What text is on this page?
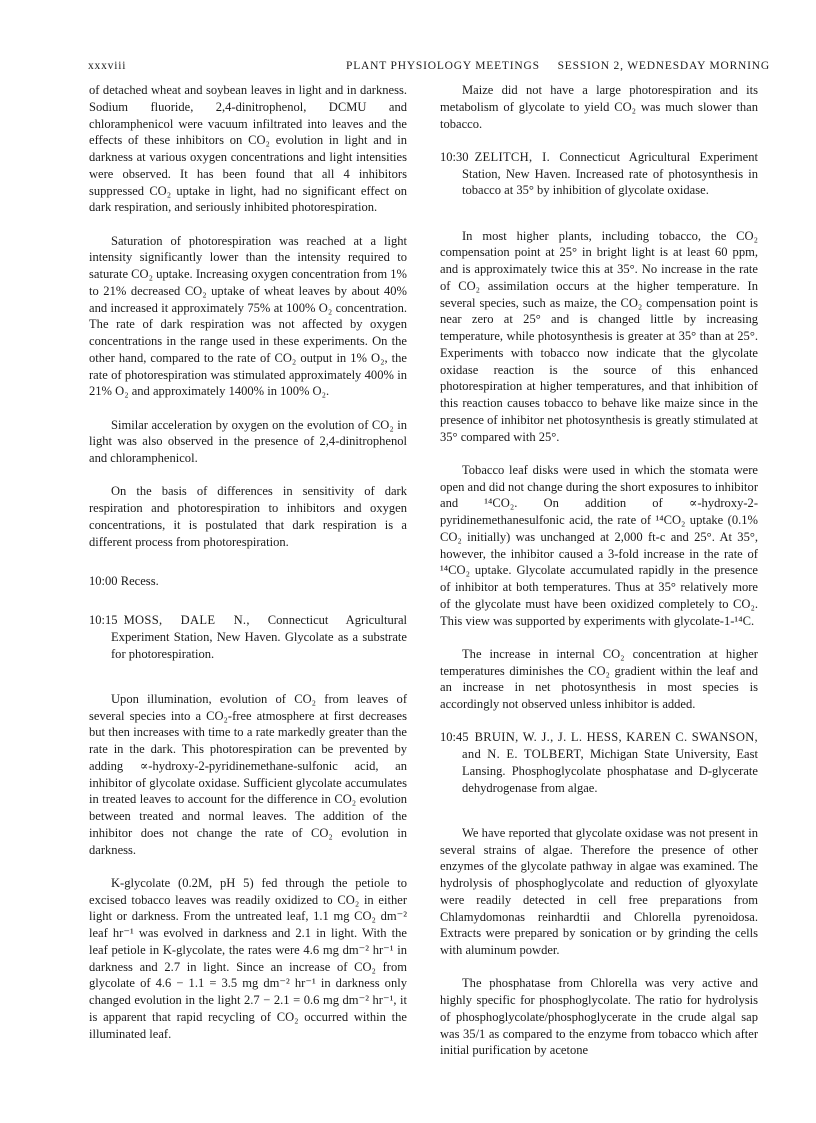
xxxviii	PLANT PHYSIOLOGY MEETINGS SESSION 2, WEDNESDAY MORNING

of detached wheat and soybean leaves in light and in darkness. Sodium fluoride, 2,4-dinitrophenol, DCMU and chloramphenicol were vacuum infiltrated into leaves and the effects of these inhibitors on CO₂ evolution in light and in darkness at various oxygen concentrations and light intensities were observed. It has been found that all 4 inhibitors suppressed CO₂ uptake in light, had no significant effect on dark respiration, and seriously inhibited photorespiration.

Saturation of photorespiration was reached at a light intensity significantly lower than the intensity required to saturate CO₂ uptake. Increasing oxygen concentration from 1% to 21% decreased CO₂ uptake of wheat leaves by about 40% and increased it approximately 75% at 100% O₂ concentration. The rate of dark respiration was not affected by oxygen concentrations in the range used in these experiments. On the other hand, compared to the rate of CO₂ output in 1% O₂, the rate of photorespiration was stimulated approximately 400% in 21% O₂ and approximately 1400% in 100% O₂.

Similar acceleration by oxygen on the evolution of CO₂ in light was also observed in the presence of 2,4-dinitrophenol and chloramphenicol.

On the basis of differences in sensitivity of dark respiration and photorespiration to inhibitors and oxygen concentrations, it is postulated that dark respiration is a different process from photorespiration.

10:00 Recess.
10:15 MOSS, DALE N., Connecticut Agricultural Experiment Station, New Haven. Glycolate as a substrate for photorespiration.

Upon illumination, evolution of CO₂ from leaves of several species into a CO₂-free atmosphere at first decreases but then increases with time to a rate markedly greater than the rate in the dark. This photorespiration can be prevented by adding ∝-hydroxy-2-pyridinemethane-sulfonic acid, an inhibitor of glycolate oxidase. Sufficient glycolate accumulates in treated leaves to account for the difference in CO₂ evolution between treated and normal leaves. The addition of the inhibitor does not change the rate of CO₂ evolution in darkness.

K-glycolate (0.2M, pH 5) fed through the petiole to excised tobacco leaves was readily oxidized to CO₂ in either light or darkness. From the untreated leaf, 1.1 mg CO₂ dm⁻² leaf hr⁻¹ was evolved in darkness and 2.1 in light. With the leaf petiole in K-glycolate, the rates were 4.6 mg dm⁻² hr⁻¹ in darkness and 2.7 in light. Since an increase of CO₂ from glycolate of 4.6 − 1.1 = 3.5 mg dm⁻² hr⁻¹ in darkness only changed evolution in the light 2.7 − 2.1 = 0.6 mg dm⁻² hr⁻¹, it is apparent that rapid recycling of CO₂ occurred within the illuminated leaf.

Maize did not have a large photorespiration and its metabolism of glycolate to yield CO₂ was much slower than tobacco.

10:30 ZELITCH, I. Connecticut Agricultural Experiment Station, New Haven. Increased rate of photosynthesis in tobacco at 35° by inhibition of glycolate oxidase.

In most higher plants, including tobacco, the CO₂ compensation point at 25° in bright light is at least 60 ppm, and is approximately twice this at 35°. No increase in the rate of CO₂ assimilation occurs at the higher temperature. In several species, such as maize, the CO₂ compensation point is near zero at 25° and is changed little by increasing temperature, while photosynthesis is greater at 35° than at 25°. Experiments with tobacco now indicate that the glycolate oxidase reaction is the source of this enhanced photorespiration at higher temperatures, and that inhibition of this reaction causes tobacco to behave like maize since in the presence of inhibitor net photosynthesis is greatly stimulated at 35° compared with 25°.

Tobacco leaf disks were used in which the stomata were open and did not change during the short exposures to inhibitor and ¹⁴CO₂. On addition of ∝-hydroxy-2-pyridinemethanesulfonic acid, the rate of ¹⁴CO₂ uptake (0.1% CO₂ initially) was unchanged at 2,000 ft-c and 25°. At 35°, however, the inhibitor caused a 3-fold increase in the rate of ¹⁴CO₂ uptake. Glycolate accumulated rapidly in the presence of inhibitor at both temperatures. Thus at 35° relatively more of the glycolate must have been oxidized completely to CO₂. This view was supported by experiments with glycolate-1-¹⁴C.

The increase in internal CO₂ concentration at higher temperatures diminishes the CO₂ gradient within the leaf and an increase in net photosynthesis in most species is accordingly not observed unless inhibitor is added.

10:45 BRUIN, W. J., J. L. HESS, KAREN C. SWANSON, and N. E. TOLBERT, Michigan State University, East Lansing. Phosphoglycolate phosphatase and D-glycerate dehydrogenase from algae.

We have reported that glycolate oxidase was not present in several strains of algae. Therefore the presence of other enzymes of the glycolate pathway in algae was examined. The hydrolysis of phosphoglycolate and reduction of glyoxylate were readily detected in cell free preparations from Chlamydomonas reinhardtii and Chlorella pyrenoidosa. Extracts were prepared by sonication or by grinding the cells with aluminum powder.

The phosphatase from Chlorella was very active and highly specific for phosphoglycolate. The ratio for hydrolysis of phosphoglycolate/phosphoglycerate in the crude algal sap was 35/1 as compared to the enzyme from tobacco which after initial purification by acetone
